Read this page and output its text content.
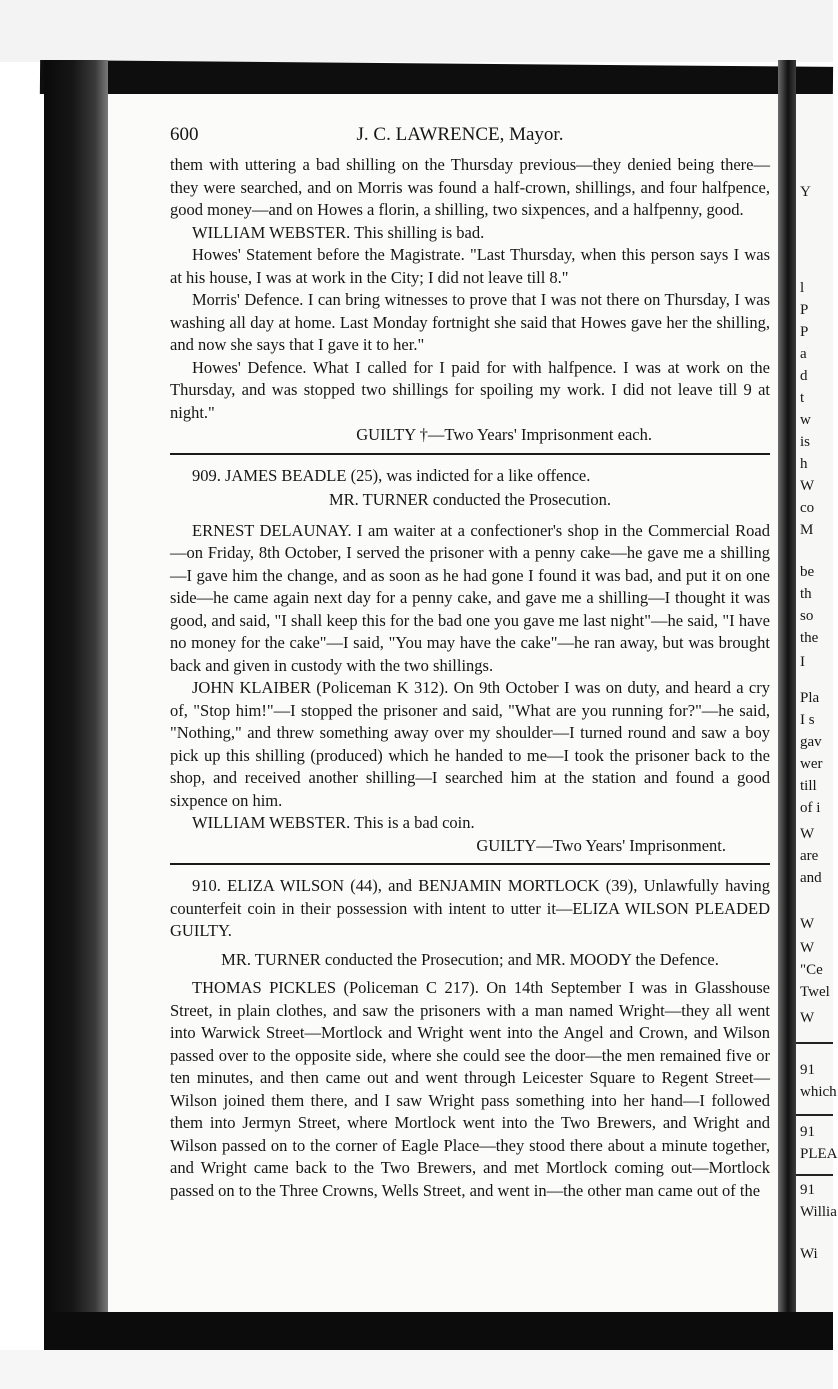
600	J. C. LAWRENCE, Mayor.

them with uttering a bad shilling on the Thursday previous—they denied being there—they were searched, and on Morris was found a half-crown, shillings, and four halfpence, good money—and on Howes a florin, a shilling, two sixpences, and a halfpenny, good.

WILLIAM WEBSTER. This shilling is bad.

Howes' Statement before the Magistrate. "Last Thursday, when this person says I was at his house, I was at work in the City; I did not leave till 8."

Morris' Defence. I can bring witnesses to prove that I was not there on Thursday, I was washing all day at home. Last Monday fortnight she said that Howes gave her the shilling, and now she says that I gave it to her."

Howes' Defence. What I called for I paid for with halfpence. I was at work on the Thursday, and was stopped two shillings for spoiling my work. I did not leave till 9 at night."

GUILTY †—Two Years' Imprisonment each.

909. JAMES BEADLE (25), was indicted for a like offence.

MR. TURNER conducted the Prosecution.

ERNEST DELAUNAY. I am waiter at a confectioner's shop in the Commercial Road—on Friday, 8th October, I served the prisoner with a penny cake—he gave me a shilling—I gave him the change, and as soon as he had gone I found it was bad, and put it on one side—he came again next day for a penny cake, and gave me a shilling—I thought it was good, and said, "I shall keep this for the bad one you gave me last night"—he said, "I have no money for the cake"—I said, "You may have the cake"—he ran away, but was brought back and given in custody with the two shillings.

JOHN KLAIBER (Policeman K 312). On 9th October I was on duty, and heard a cry of, "Stop him!"—I stopped the prisoner and said, "What are you running for?"—he said, "Nothing," and threw something away over my shoulder—I turned round and saw a boy pick up this shilling (produced) which he handed to me—I took the prisoner back to the shop, and received another shilling—I searched him at the station and found a good sixpence on him.

WILLIAM WEBSTER. This is a bad coin.

GUILTY—Two Years' Imprisonment.

910. ELIZA WILSON (44), and BENJAMIN MORTLOCK (39), Unlawfully having counterfeit coin in their possession with intent to utter it—ELIZA WILSON PLEADED GUILTY.

MR. TURNER conducted the Prosecution; and MR. MOODY the Defence.

THOMAS PICKLES (Policeman C 217). On 14th September I was in Glasshouse Street, in plain clothes, and saw the prisoners with a man named Wright—they all went into Warwick Street—Mortlock and Wright went into the Angel and Crown, and Wilson passed over to the opposite side, where she could see the door—the men remained five or ten minutes, and then came out and went through Leicester Square to Regent Street—Wilson joined them there, and I saw Wright pass something into her hand—I followed them into Jermyn Street, where Mortlock went into the Two Brewers, and Wright and Wilson passed on to the corner of Eagle Place—they stood there about a minute together, and Wright came back to the Two Brewers, and met Mortlock coming out—Mortlock passed on to the Three Crowns, Wells Street, and went in—the other man came out of the

Y
l
P
P
a
d
t
w
is
h
W
co
M
be
th
so
the
I
Pla
I s
gav
wer
till
of i
W
are
and
W
W
"Ce
Twel
W
91
which
91
PLEA
91
Willia
Wi
